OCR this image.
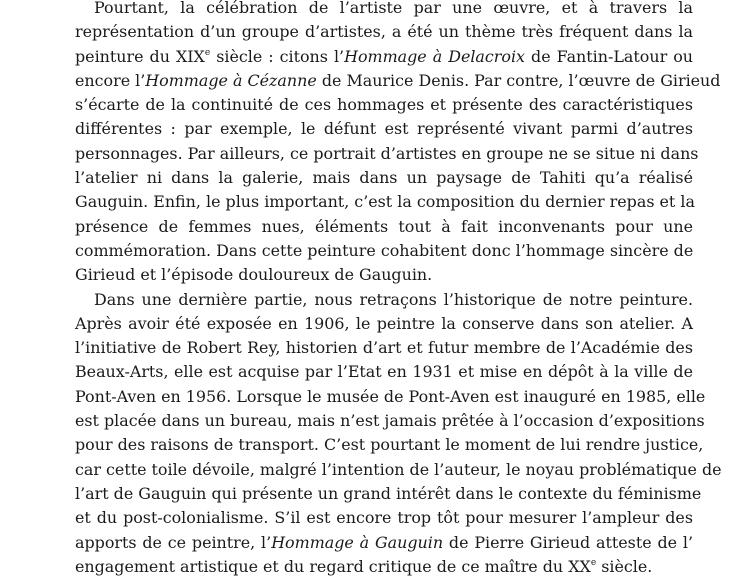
Pourtant, la célébration de l’artiste par une œuvre, et à travers la
représentation d’un groupe d’artistes, a été un thème très fréquent dans la
peinture du XIXe siècle : citons l’Hommage à Delacroix de Fantin-Latour ou
encore l’Hommage à Cézanne de Maurice Denis. Par contre, l’œuvre de Girieud
s’écarte de la continuité de ces hommages et présente des caractéristiques
différentes : par exemple, le défunt est représenté vivant parmi d’autres
personnages. Par ailleurs, ce portrait d’artistes en groupe ne se situe ni dans
l’atelier ni dans la galerie, mais dans un paysage de Tahiti qu’a réalisé
Gauguin. Enfin, le plus important, c’est la composition du dernier repas et la
présence de femmes nues, éléments tout à fait inconvenants pour une
commémoration. Dans cette peinture cohabitent donc l’hommage sincère de
Girieud et l’épisode douloureux de Gauguin.

Dans une dernière partie, nous retraçons l’historique de notre peinture.
Après avoir été exposée en 1906, le peintre la conserve dans son atelier. A
l’initiative de Robert Rey, historien d’art et futur membre de l’Académie des
Beaux-Arts, elle est acquise par l’Etat en 1931 et mise en dépôt à la ville de
Pont-Aven en 1956. Lorsque le musée de Pont-Aven est inauguré en 1985, elle
est placée dans un bureau, mais n’est jamais prêtée à l’occasion d’expositions
pour des raisons de transport. C’est pourtant le moment de lui rendre justice,
car cette toile dévoile, malgré l’intention de l’auteur, le noyau problématique de
l’art de Gauguin qui présente un grand intérêt dans le contexte du féminisme
et du post-colonialisme. S’il est encore trop tôt pour mesurer l’ampleur des
apports de ce peintre, l’Hommage à Gauguin de Pierre Girieud atteste de l’
engagement artistique et du regard critique de ce maître du XXe siècle.
